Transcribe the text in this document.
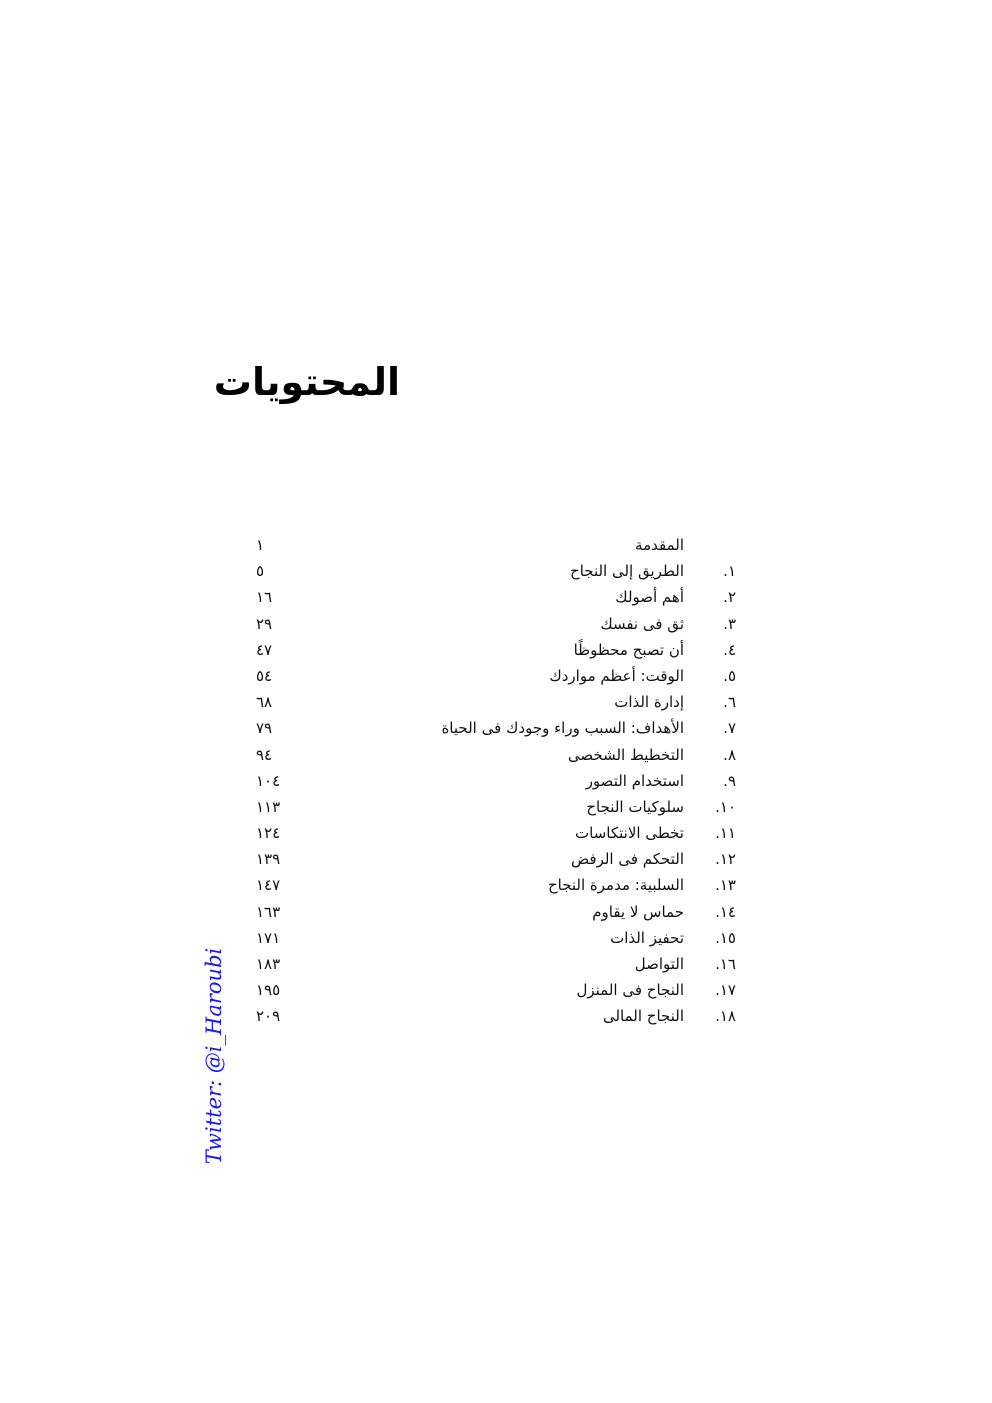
المحتويات
المقدمة
١
١.
الطريق إلى النجاح
٥
٢.
أهم أصولك
١٦
٣.
ثق فى نفسك
٢٩
٤.
أن تصبح محظوظًا
٤٧
٥.
الوقت: أعظم مواردك
٥٤
٦.
إدارة الذات
٦٨
٧.
الأهداف: السبب وراء وجودك فى الحياة
٧٩
٨.
التخطيط الشخصى
٩٤
٩.
استخدام التصور
١٠٤
١٠.
سلوكيات النجاح
١١٣
١١.
تخطى الانتكاسات
١٢٤
١٢.
التحكم فى الرفض
١٣٩
١٣.
السلبية: مدمرة النجاح
١٤٧
١٤.
حماس لا يقاوم
١٦٣
١٥.
تحفيز الذات
١٧١
١٦.
التواصل
١٨٣
١٧.
النجاح فى المنزل
١٩٥
١٨.
النجاح المالى
٢٠٩
Twitter: @i_Haroubi
